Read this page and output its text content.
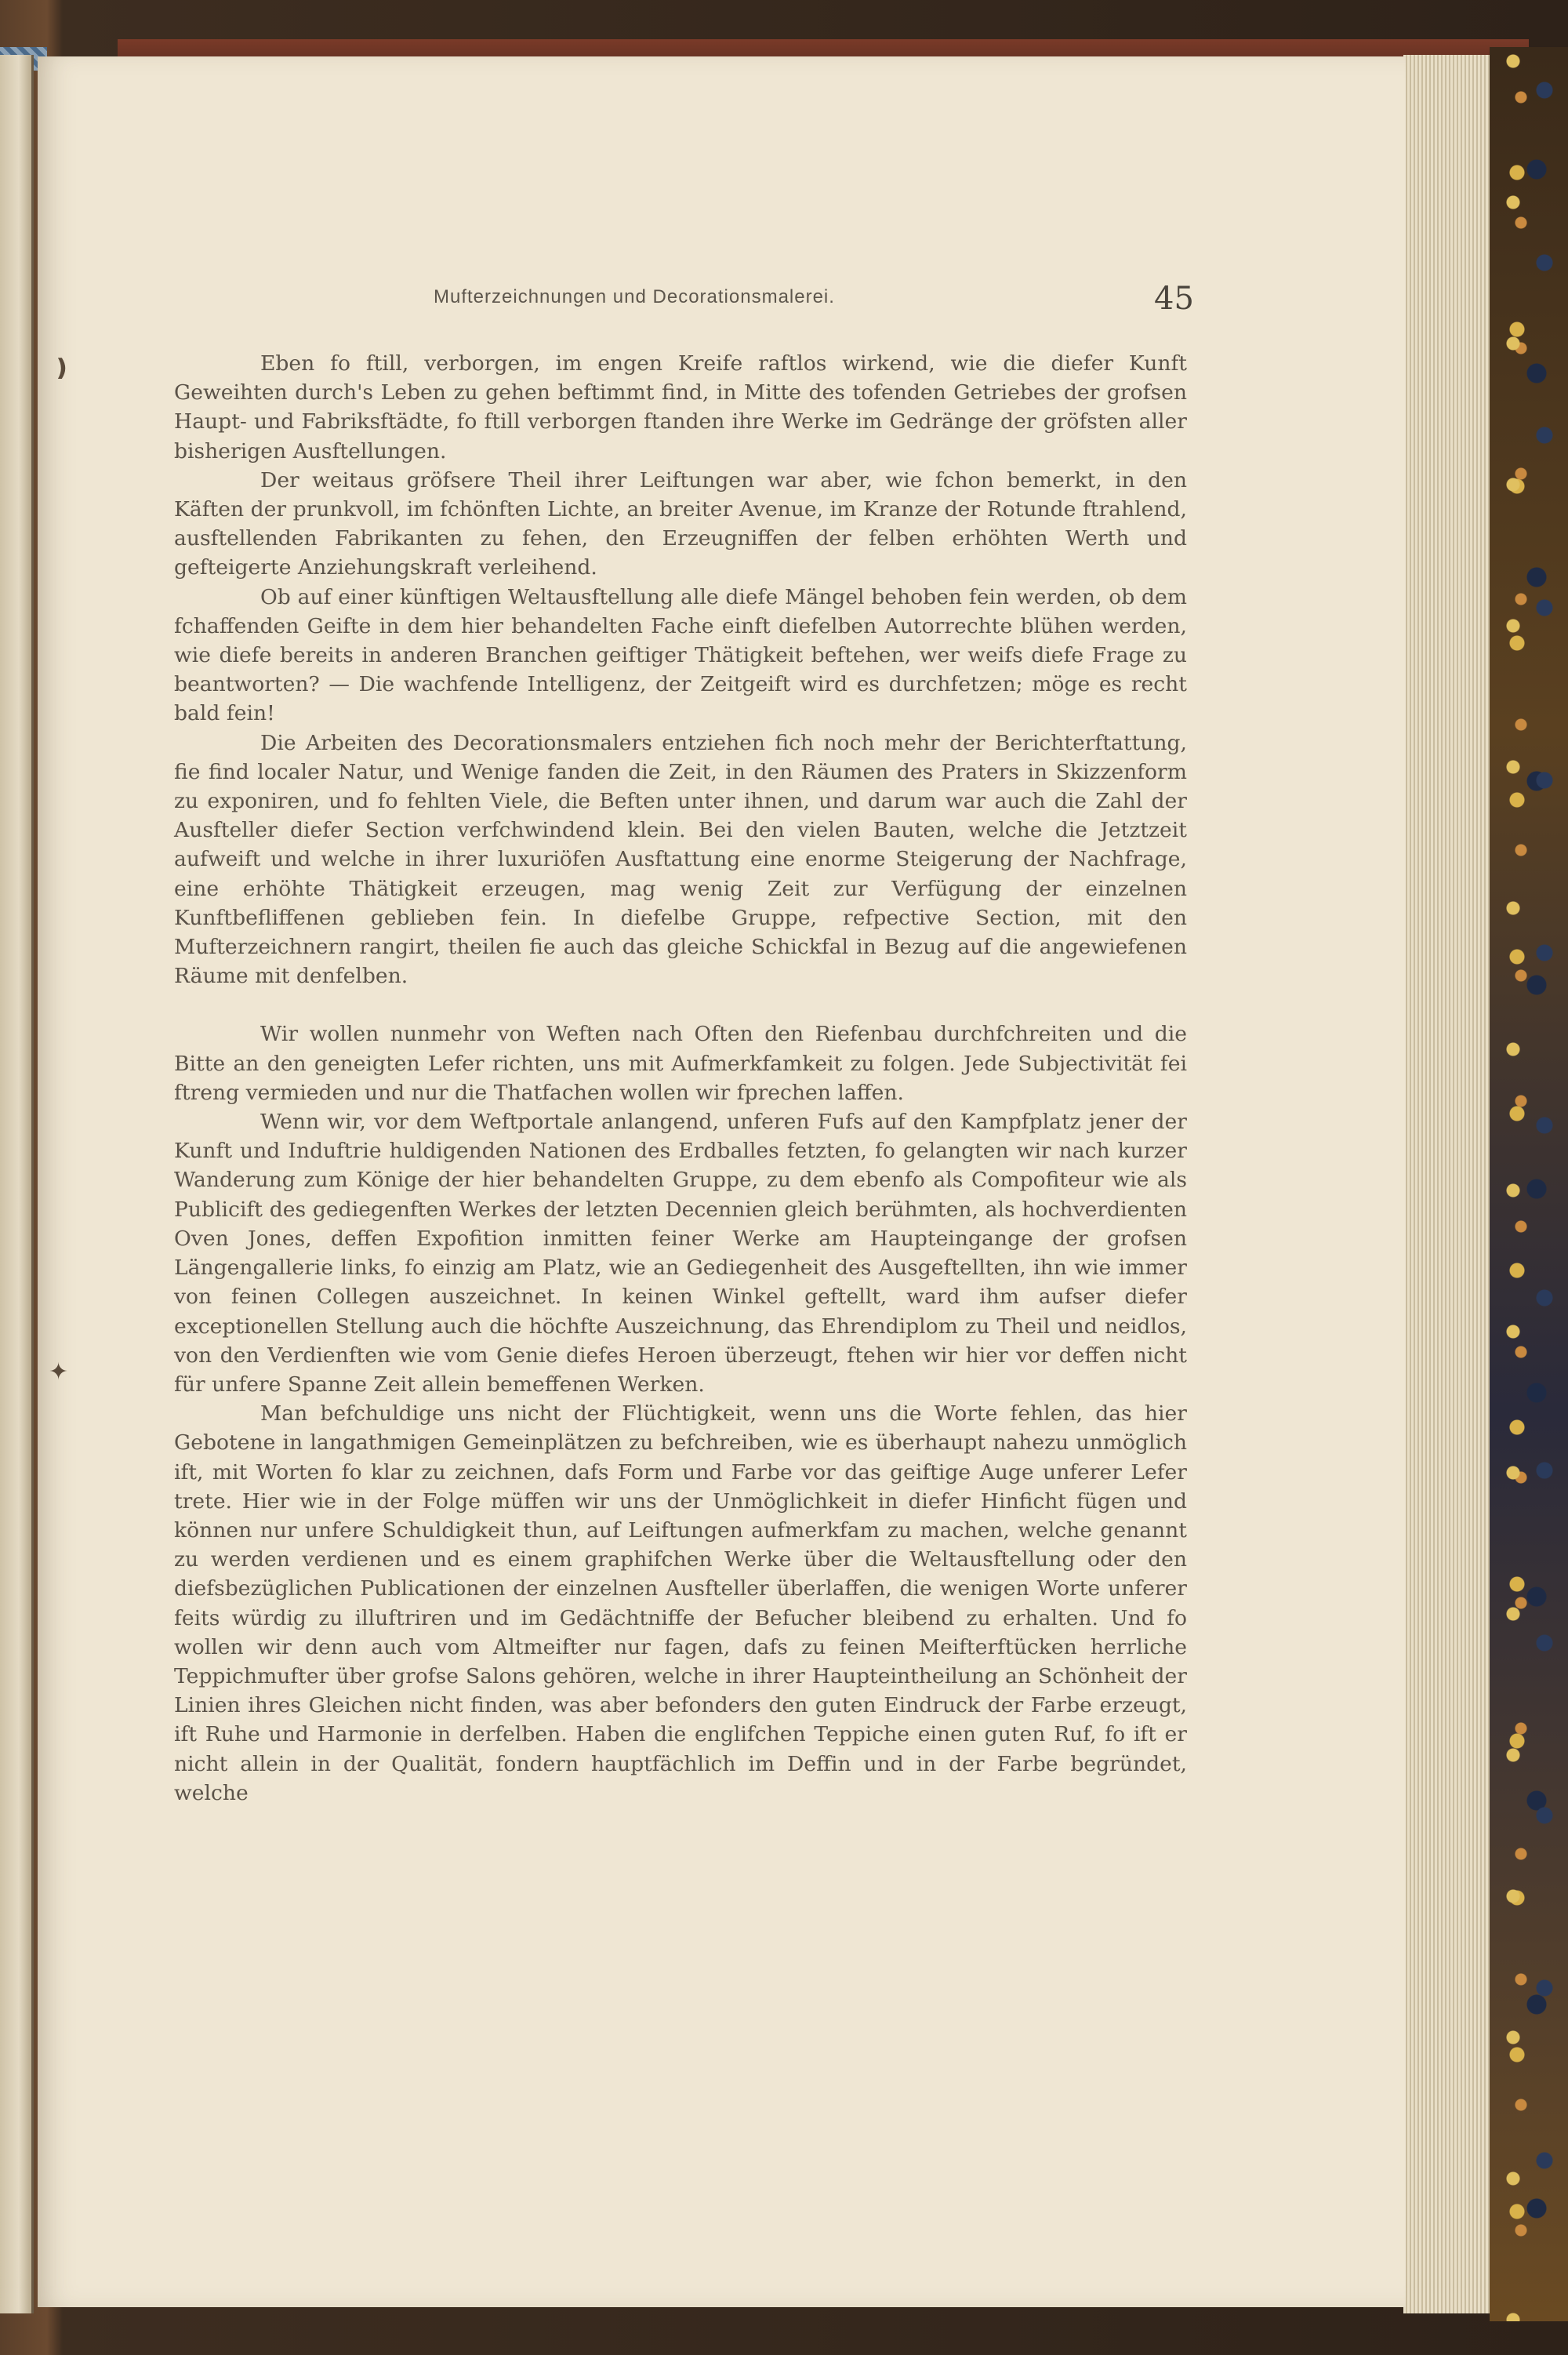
❫
✦
Mufterzeichnungen und Decorationsmalerei.	45

Eben fo ftill, verborgen, im engen Kreife raftlos wirkend, wie die diefer Kunft Geweihten durch's Leben zu gehen beftimmt find, in Mitte des tofenden Getriebes der grofsen Haupt- und Fabriksftädte, fo ftill verborgen ftanden ihre Werke im Gedränge der gröfsten aller bisherigen Ausftellungen.

Der weitaus gröfsere Theil ihrer Leiftungen war aber, wie fchon bemerkt, in den Käften der prunkvoll, im fchönften Lichte, an breiter Avenue, im Kranze der Rotunde ftrahlend, ausftellenden Fabrikanten zu fehen, den Erzeugniffen der felben erhöhten Werth und gefteigerte Anziehungskraft verleihend.

Ob auf einer künftigen Weltausftellung alle diefe Mängel behoben fein werden, ob dem fchaffenden Geifte in dem hier behandelten Fache einft diefelben Autorrechte blühen werden, wie diefe bereits in anderen Branchen geiftiger Thätigkeit beftehen, wer weifs diefe Frage zu beantworten? — Die wachfende Intelligenz, der Zeitgeift wird es durchfetzen; möge es recht bald fein!

Die Arbeiten des Decorationsmalers entziehen fich noch mehr der Berichterftattung, fie find localer Natur, und Wenige fanden die Zeit, in den Räumen des Praters in Skizzenform zu exponiren, und fo fehlten Viele, die Beften unter ihnen, und darum war auch die Zahl der Ausfteller diefer Section verfchwindend klein. Bei den vielen Bauten, welche die Jetztzeit aufweift und welche in ihrer luxuriöfen Ausftattung eine enorme Steigerung der Nachfrage, eine erhöhte Thätigkeit erzeugen, mag wenig Zeit zur Verfügung der einzelnen Kunftbefliffenen geblieben fein. In diefelbe Gruppe, refpective Section, mit den Mufterzeichnern rangirt, theilen fie auch das gleiche Schickfal in Bezug auf die angewiefenen Räume mit denfelben.

Wir wollen nunmehr von Weften nach Often den Riefenbau durchfchreiten und die Bitte an den geneigten Lefer richten, uns mit Aufmerkfamkeit zu folgen. Jede Subjectivität fei ftreng vermieden und nur die Thatfachen wollen wir fprechen laffen.

Wenn wir, vor dem Weftportale anlangend, unferen Fufs auf den Kampfplatz jener der Kunft und Induftrie huldigenden Nationen des Erdballes fetzten, fo gelangten wir nach kurzer Wanderung zum Könige der hier behandelten Gruppe, zu dem ebenfo als Compofiteur wie als Publicift des gediegenften Werkes der letzten Decennien gleich berühmten, als hochverdienten Oven Jones, deffen Expofition inmitten feiner Werke am Haupteingange der grofsen Längengallerie links, fo einzig am Platz, wie an Gediegenheit des Ausgeftellten, ihn wie immer von feinen Collegen auszeichnet. In keinen Winkel geftellt, ward ihm aufser diefer exceptionellen Stellung auch die höchfte Auszeichnung, das Ehrendiplom zu Theil und neidlos, von den Verdienften wie vom Genie diefes Heroen überzeugt, ftehen wir hier vor deffen nicht für unfere Spanne Zeit allein bemeffenen Werken.

Man befchuldige uns nicht der Flüchtigkeit, wenn uns die Worte fehlen, das hier Gebotene in langathmigen Gemeinplätzen zu befchreiben, wie es überhaupt nahezu unmöglich ift, mit Worten fo klar zu zeichnen, dafs Form und Farbe vor das geiftige Auge unferer Lefer trete. Hier wie in der Folge müffen wir uns der Unmöglichkeit in diefer Hinficht fügen und können nur unfere Schuldigkeit thun, auf Leiftungen aufmerkfam zu machen, welche genannt zu werden verdienen und es einem graphifchen Werke über die Weltausftellung oder den diefsbezüglichen Publicationen der einzelnen Ausfteller überlaffen, die wenigen Worte unferer feits würdig zu illuftriren und im Gedächtniffe der Befucher bleibend zu erhalten. Und fo wollen wir denn auch vom Altmeifter nur fagen, dafs zu feinen Meifterftücken herrliche Teppichmufter über grofse Salons gehören, welche in ihrer Haupteintheilung an Schönheit der Linien ihres Gleichen nicht finden, was aber befonders den guten Eindruck der Farbe erzeugt, ift Ruhe und Harmonie in derfelben. Haben die englifchen Teppiche einen guten Ruf, fo ift er nicht allein in der Qualität, fondern hauptfächlich im Deffin und in der Farbe begründet, welche
